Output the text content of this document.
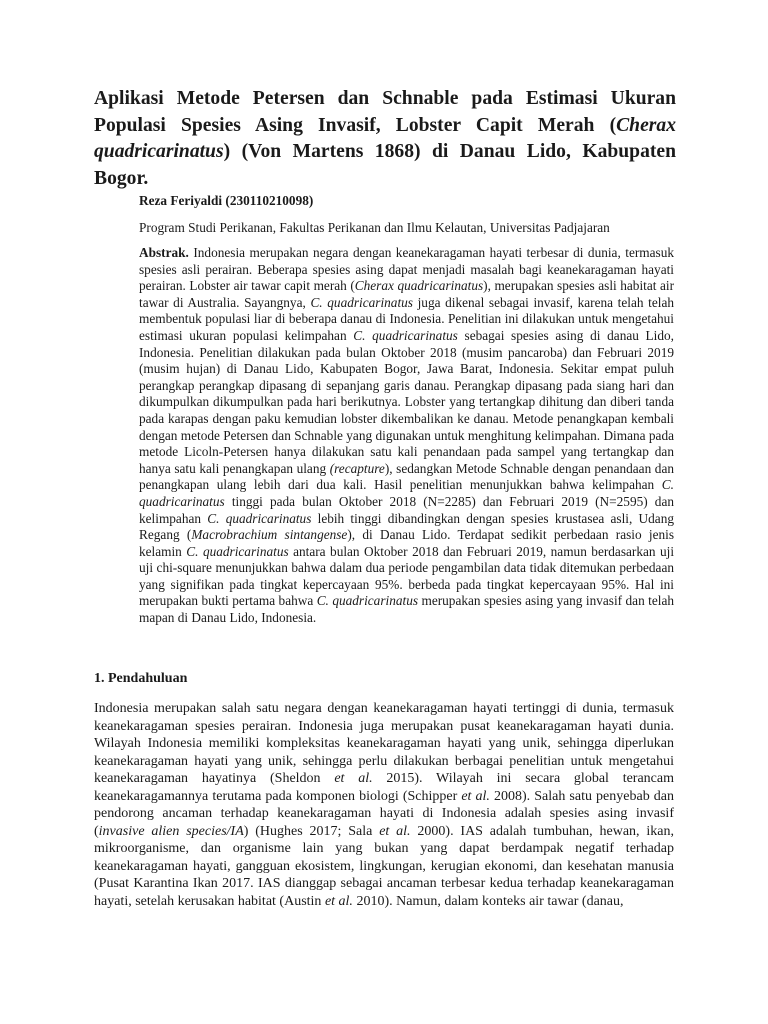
Aplikasi Metode Petersen dan Schnable pada Estimasi Ukuran Populasi Spesies Asing Invasif, Lobster Capit Merah (Cherax quadricarinatus) (Von Martens 1868) di Danau Lido, Kabupaten Bogor.

Reza Feriyaldi (230110210098)

Program Studi Perikanan, Fakultas Perikanan dan Ilmu Kelautan, Universitas Padjajaran

Abstrak. Indonesia merupakan negara dengan keanekaragaman hayati terbesar di dunia, termasuk spesies asli perairan. Beberapa spesies asing dapat menjadi masalah bagi keanekaragaman hayati perairan. Lobster air tawar capit merah (Cherax quadricarinatus), merupakan spesies asli habitat air tawar di Australia. Sayangnya, C. quadricarinatus juga dikenal sebagai invasif, karena telah telah membentuk populasi liar di beberapa danau di Indonesia. Penelitian ini dilakukan untuk mengetahui estimasi ukuran populasi kelimpahan C. quadricarinatus sebagai spesies asing di danau Lido, Indonesia. Penelitian dilakukan pada bulan Oktober 2018 (musim pancaroba) dan Februari 2019 (musim hujan) di Danau Lido, Kabupaten Bogor, Jawa Barat, Indonesia. Sekitar empat puluh perangkap perangkap dipasang di sepanjang garis danau. Perangkap dipasang pada siang hari dan dikumpulkan dikumpulkan pada hari berikutnya. Lobster yang tertangkap dihitung dan diberi tanda pada karapas dengan paku kemudian lobster dikembalikan ke danau. Metode penangkapan kembali dengan metode Petersen dan Schnable yang digunakan untuk menghitung kelimpahan. Dimana pada metode Licoln-Petersen hanya dilakukan satu kali penandaan pada sampel yang tertangkap dan hanya satu kali penangkapan ulang (recapture), sedangkan Metode Schnable dengan penandaan dan penangkapan ulang lebih dari dua kali. Hasil penelitian menunjukkan bahwa kelimpahan C. quadricarinatus tinggi pada bulan Oktober 2018 (N=2285) dan Februari 2019 (N=2595) dan kelimpahan C. quadricarinatus lebih tinggi dibandingkan dengan spesies krustasea asli, Udang Regang (Macrobrachium sintangense), di Danau Lido. Terdapat sedikit perbedaan rasio jenis kelamin C. quadricarinatus antara bulan Oktober 2018 dan Februari 2019, namun berdasarkan uji uji chi-square menunjukkan bahwa dalam dua periode pengambilan data tidak ditemukan perbedaan yang signifikan pada tingkat kepercayaan 95%. berbeda pada tingkat kepercayaan 95%. Hal ini merupakan bukti pertama bahwa C. quadricarinatus merupakan spesies asing yang invasif dan telah mapan di Danau Lido, Indonesia.

1. Pendahuluan

Indonesia merupakan salah satu negara dengan keanekaragaman hayati tertinggi di dunia, termasuk keanekaragaman spesies perairan. Indonesia juga merupakan pusat keanekaragaman hayati dunia. Wilayah Indonesia memiliki kompleksitas keanekaragaman hayati yang unik, sehingga diperlukan keanekaragaman hayati yang unik, sehingga perlu dilakukan berbagai penelitian untuk mengetahui keanekaragaman hayatinya (Sheldon et al. 2015). Wilayah ini secara global terancam keanekaragamannya terutama pada komponen biologi (Schipper et al. 2008). Salah satu penyebab dan pendorong ancaman terhadap keanekaragaman hayati di Indonesia adalah spesies asing invasif (invasive alien species/IA) (Hughes 2017; Sala et al. 2000). IAS adalah tumbuhan, hewan, ikan, mikroorganisme, dan organisme lain yang bukan yang dapat berdampak negatif terhadap keanekaragaman hayati, gangguan ekosistem, lingkungan, kerugian ekonomi, dan kesehatan manusia (Pusat Karantina Ikan 2017. IAS dianggap sebagai ancaman terbesar kedua terhadap keanekaragaman hayati, setelah kerusakan habitat (Austin et al. 2010). Namun, dalam konteks air tawar (danau,
